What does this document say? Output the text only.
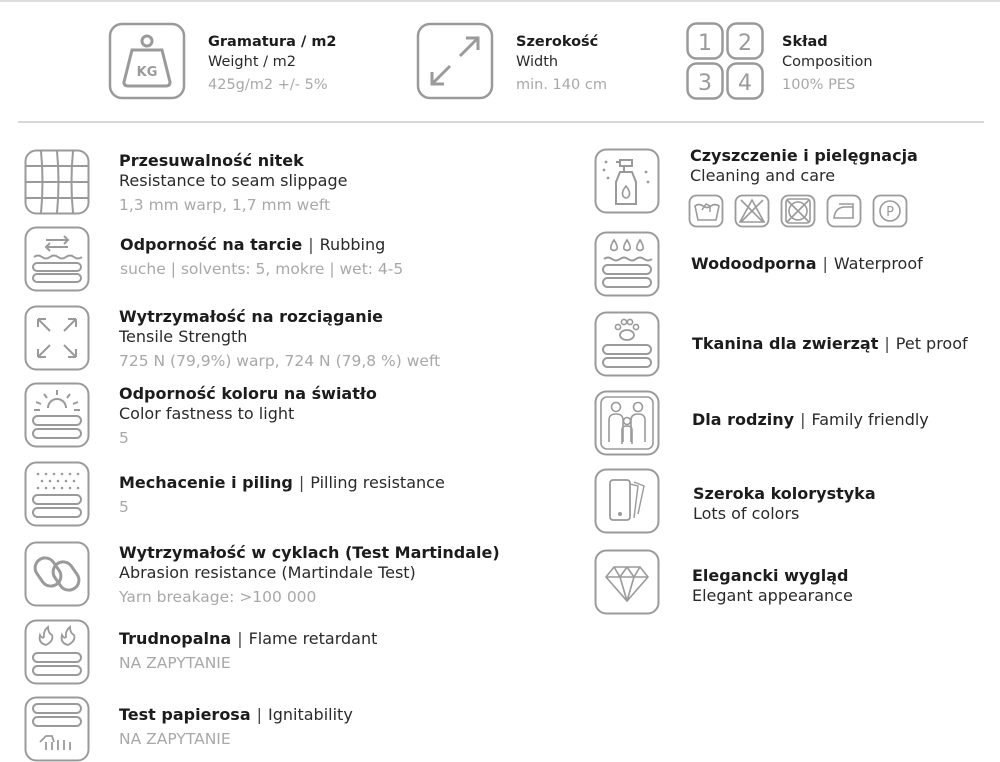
KG
Gramatura / m2
Weight / m2
425g/m2 +/- 5%
Szerokość
Width
min. 140 cm
1 2
3 4
Skład
Composition
100% PES
Przesuwalność nitek
Resistance to seam slippage
1,3 mm warp, 1,7 mm weft
Odporność na tarcie | Rubbing
suche | solvents: 5, mokre | wet: 4-5
Wytrzymałość na rozciąganie
Tensile Strength
725 N (79,9%) warp, 724 N (79,8 %) weft
Odporność koloru na światło
Color fastness to light
5
Mechacenie i piling | Pilling resistance
5
Wytrzymałość w cyklach (Test Martindale)
Abrasion resistance (Martindale Test)
Yarn breakage: >100 000
Trudnopalna | Flame retardant
NA ZAPYTANIE
Test papierosa | Ignitability
NA ZAPYTANIE
Czyszczenie i pielęgnacja
Cleaning and care
P
Wodoodporna | Waterproof
Tkanina dla zwierząt | Pet proof
Dla rodziny | Family friendly
Szeroka kolorystyka
Lots of colors
Elegancki wygląd
Elegant appearance
